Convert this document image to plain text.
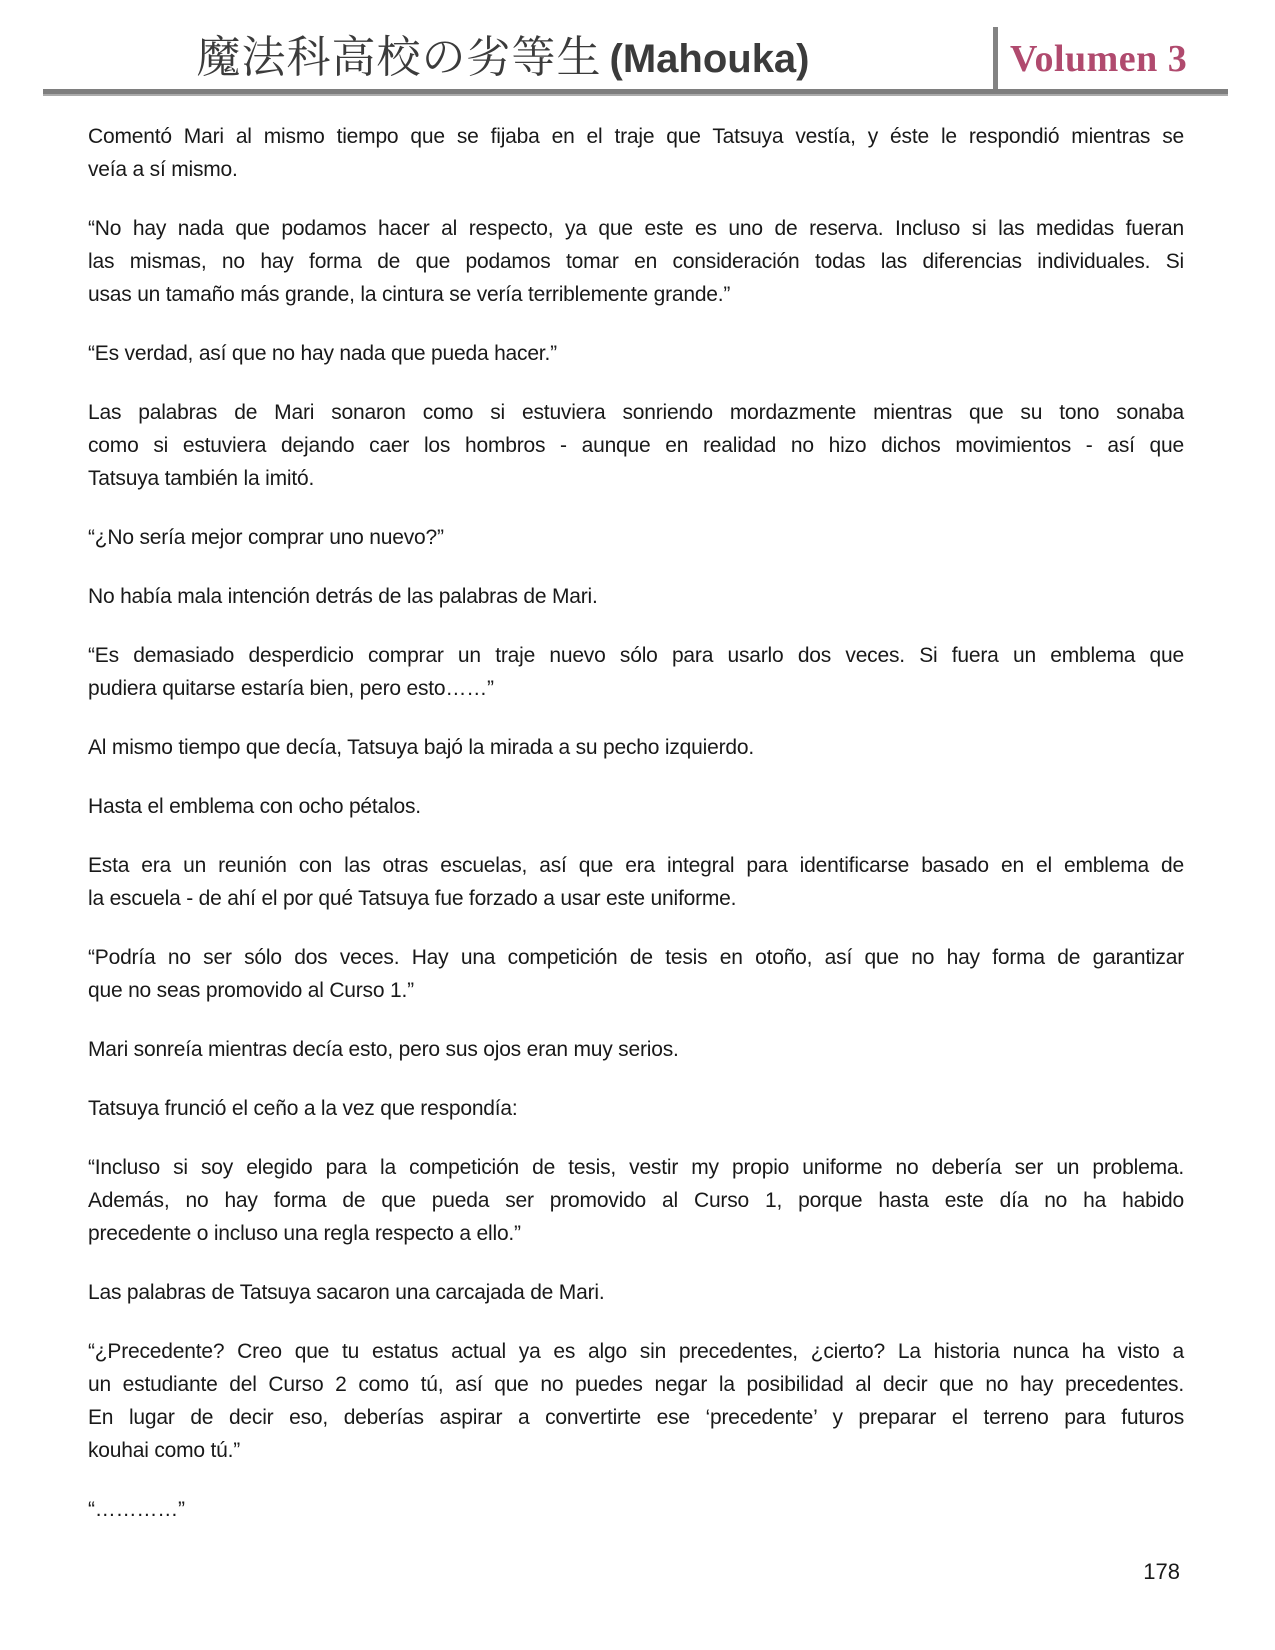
魔法科高校の劣等生 (Mahouka)	Volumen 3

Comentó Mari al mismo tiempo que se fijaba en el traje que Tatsuya vestía, y éste le respondió mientras se
veía a sí mismo.

“No hay nada que podamos hacer al respecto, ya que este es uno de reserva. Incluso si las medidas fueran
las mismas, no hay forma de que podamos tomar en consideración todas las diferencias individuales. Si
usas un tamaño más grande, la cintura se vería terriblemente grande.”

“Es verdad, así que no hay nada que pueda hacer.”

Las palabras de Mari sonaron como si estuviera sonriendo mordazmente mientras que su tono sonaba
como si estuviera dejando caer los hombros - aunque en realidad no hizo dichos movimientos - así que
Tatsuya también la imitó.

“¿No sería mejor comprar uno nuevo?”

No había mala intención detrás de las palabras de Mari.

“Es demasiado desperdicio comprar un traje nuevo sólo para usarlo dos veces. Si fuera un emblema que
pudiera quitarse estaría bien, pero esto……”

Al mismo tiempo que decía, Tatsuya bajó la mirada a su pecho izquierdo.

Hasta el emblema con ocho pétalos.

Esta era un reunión con las otras escuelas, así que era integral para identificarse basado en el emblema de
la escuela - de ahí el por qué Tatsuya fue forzado a usar este uniforme.

“Podría no ser sólo dos veces. Hay una competición de tesis en otoño, así que no hay forma de garantizar
que no seas promovido al Curso 1.”

Mari sonreía mientras decía esto, pero sus ojos eran muy serios.

Tatsuya frunció el ceño a la vez que respondía:

“Incluso si soy elegido para la competición de tesis, vestir my propio uniforme no debería ser un problema.
Además, no hay forma de que pueda ser promovido al Curso 1, porque hasta este día no ha habido
precedente o incluso una regla respecto a ello.”

Las palabras de Tatsuya sacaron una carcajada de Mari.

“¿Precedente? Creo que tu estatus actual ya es algo sin precedentes, ¿cierto? La historia nunca ha visto a
un estudiante del Curso 2 como tú, así que no puedes negar la posibilidad al decir que no hay precedentes.
En lugar de decir eso, deberías aspirar a convertirte ese ‘precedente’ y preparar el terreno para futuros
kouhai como tú.”

“…………”

178
